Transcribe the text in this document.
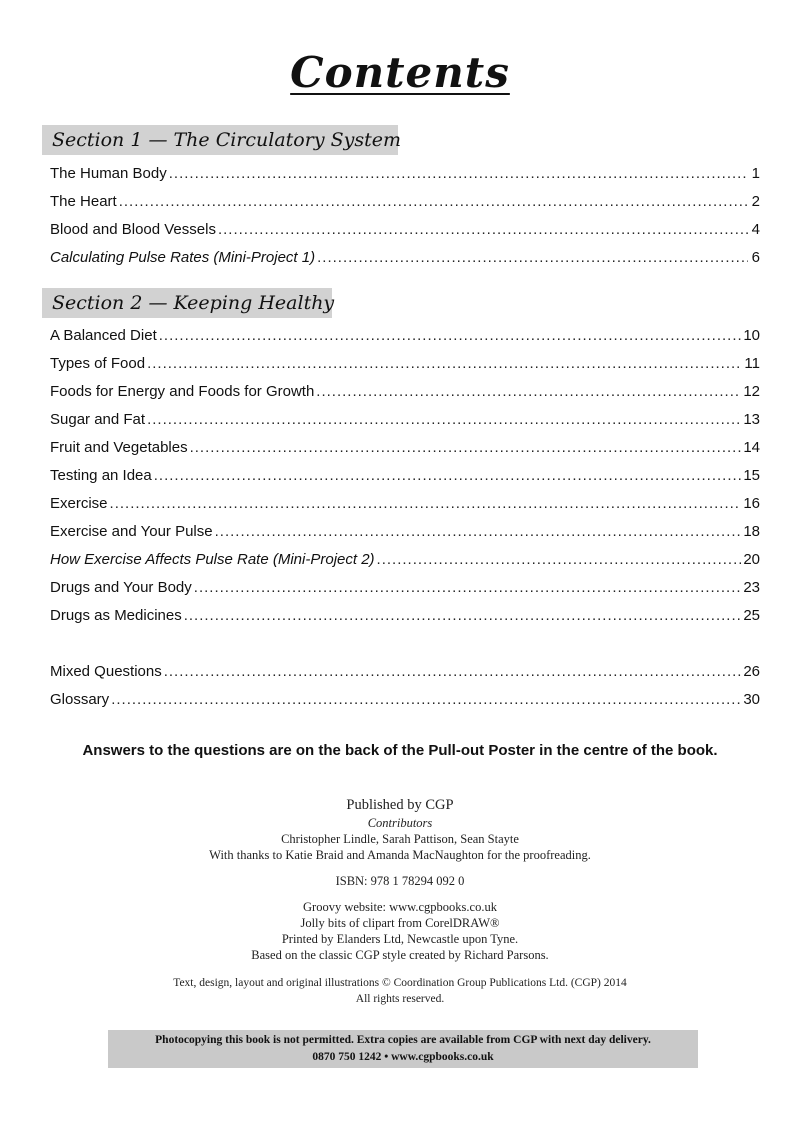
Contents
Section 1 — The Circulatory System
The Human Body .....	1
The Heart .....	2
Blood and Blood Vessels .....	4
Calculating Pulse Rates (Mini-Project 1) .....	6
Section 2 — Keeping Healthy
A Balanced Diet .....	10
Types of Food .....	11
Foods for Energy and Foods for Growth .....	12
Sugar and Fat .....	13
Fruit and Vegetables .....	14
Testing an Idea .....	15
Exercise .....	16
Exercise and Your Pulse .....	18
How Exercise Affects Pulse Rate (Mini-Project 2) .....	20
Drugs and Your Body .....	23
Drugs as Medicines .....	25
Mixed Questions .....	26
Glossary .....	30
Answers to the questions are on the back of the Pull-out Poster in the centre of the book.
Published by CGP
Contributors
Christopher Lindle, Sarah Pattison, Sean Stayte
With thanks to Katie Braid and Amanda MacNaughton for the proofreading.
ISBN: 978 1 78294 092 0
Groovy website: www.cgpbooks.co.uk
Jolly bits of clipart from CorelDRAW®
Printed by Elanders Ltd, Newcastle upon Tyne.
Based on the classic CGP style created by Richard Parsons.
Text, design, layout and original illustrations © Coordination Group Publications Ltd. (CGP) 2014
All rights reserved.
Photocopying this book is not permitted. Extra copies are available from CGP with next day delivery.
0870 750 1242 • www.cgpbooks.co.uk
